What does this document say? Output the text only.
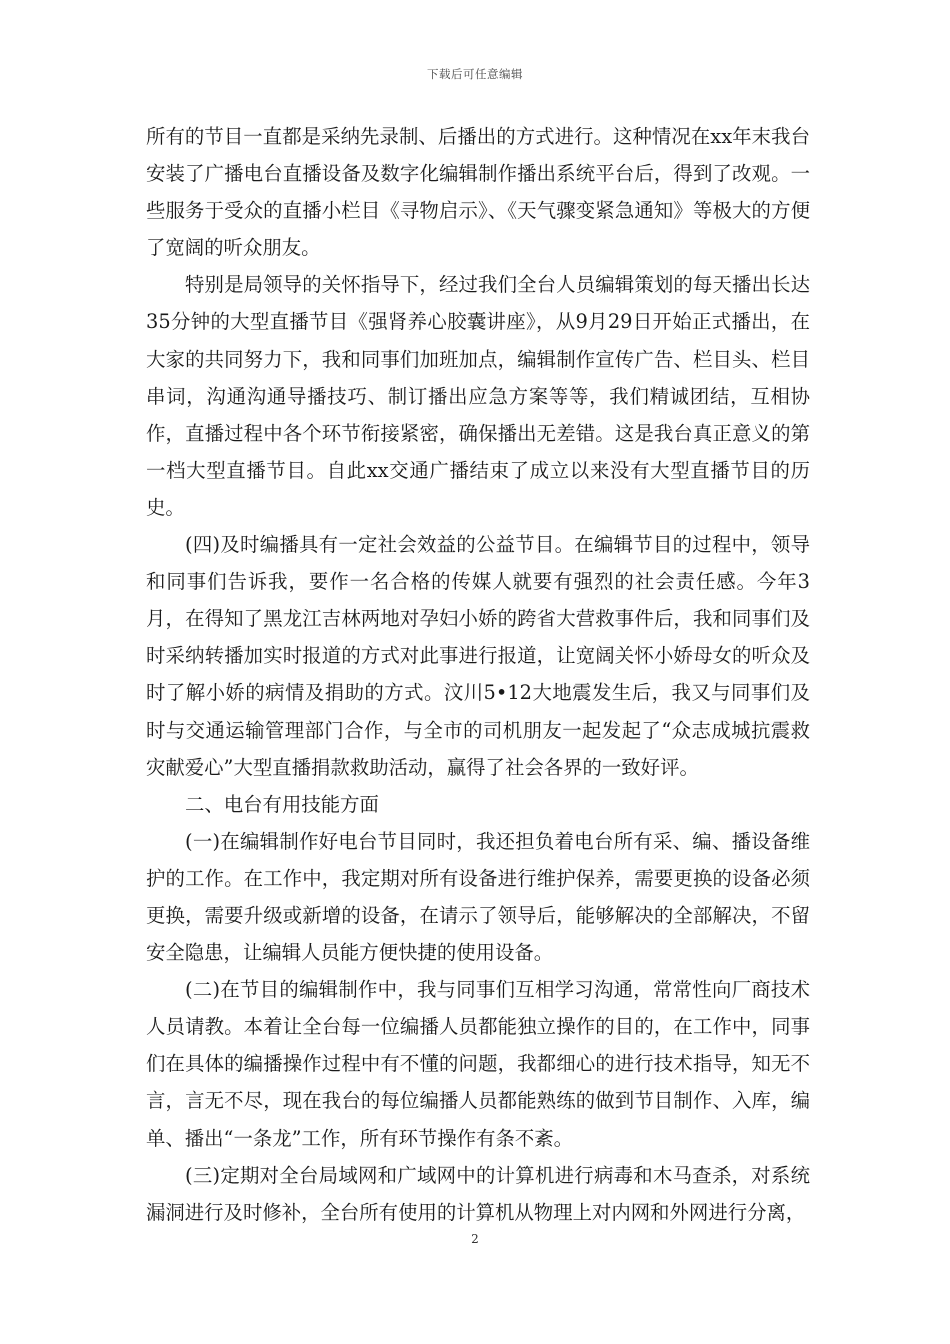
下载后可任意编辑

所有的节目一直都是采纳先录制、后播出的方式进行。这种情况在xx年末我台安装了广播电台直播设备及数字化编辑制作播出系统平台后，得到了改观。一些服务于受众的直播小栏目《寻物启示》、《天气骤变紧急通知》等极大的方便了宽阔的听众朋友。

特别是局领导的关怀指导下，经过我们全台人员编辑策划的每天播出长达35分钟的大型直播节目《强肾养心胶囊讲座》，从9月29日开始正式播出，在大家的共同努力下，我和同事们加班加点，编辑制作宣传广告、栏目头、栏目串词，沟通沟通导播技巧、制订播出应急方案等等，我们精诚团结，互相协作，直播过程中各个环节衔接紧密，确保播出无差错。这是我台真正意义的第一档大型直播节目。自此xx交通广播结束了成立以来没有大型直播节目的历史。

(四)及时编播具有一定社会效益的公益节目。在编辑节目的过程中，领导和同事们告诉我，要作一名合格的传媒人就要有强烈的社会责任感。今年3月，在得知了黑龙江吉林两地对孕妇小娇的跨省大营救事件后，我和同事们及时采纳转播加实时报道的方式对此事进行报道，让宽阔关怀小娇母女的听众及时了解小娇的病情及捐助的方式。汶川5•12大地震发生后，我又与同事们及时与交通运输管理部门合作，与全市的司机朋友一起发起了“众志成城抗震救灾献爱心”大型直播捐款救助活动，赢得了社会各界的一致好评。

二、电台有用技能方面

(一)在编辑制作好电台节目同时，我还担负着电台所有采、编、播设备维护的工作。在工作中，我定期对所有设备进行维护保养，需要更换的设备必须更换，需要升级或新增的设备，在请示了领导后，能够解决的全部解决，不留安全隐患，让编辑人员能方便快捷的使用设备。

(二)在节目的编辑制作中，我与同事们互相学习沟通，常常性向厂商技术人员请教。本着让全台每一位编播人员都能独立操作的目的，在工作中，同事们在具体的编播操作过程中有不懂的问题，我都细心的进行技术指导，知无不言，言无不尽，现在我台的每位编播人员都能熟练的做到节目制作、入库，编单、播出“一条龙”工作，所有环节操作有条不紊。

(三)定期对全台局域网和广域网中的计算机进行病毒和木马查杀，对系统漏洞进行及时修补，全台所有使用的计算机从物理上对内网和外网进行分离，

2
